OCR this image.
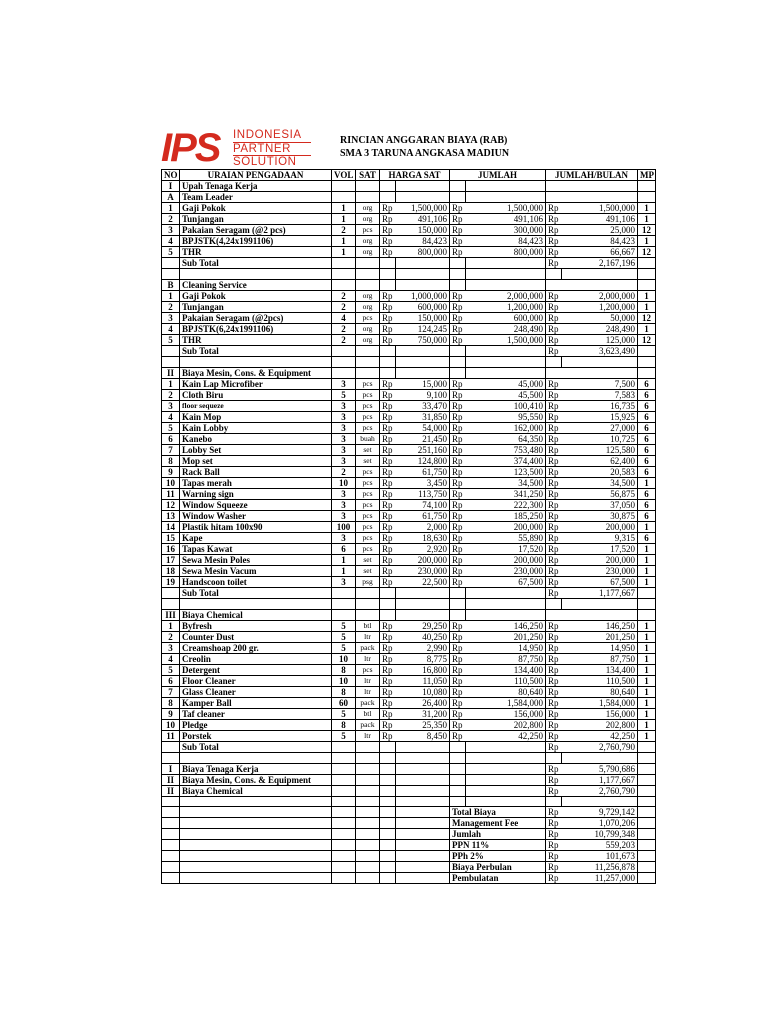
IPS INDONESIA
PARTNER
SOLUTION
RINCIAN ANGGARAN BIAYA (RAB)
SMA 3 TARUNA ANGKASA MADIUN
NO	URAIAN PENGADAAN	VOL	SAT	HARGA SAT		JUMLAH		JUMLAH/BULAN		MP
I	Upah Tenaga Kerja									
A	Team Leader									
1	Gaji Pokok	1	org	Rp	1,500,000	Rp	1,500,000	Rp	1,500,000	1
2	Tunjangan	1	org	Rp	491,106	Rp	491,106	Rp	491,106	1
3	Pakaian Seragam (@2 pcs)	2	pcs	Rp	150,000	Rp	300,000	Rp	25,000	12
4	BPJSTK(4,24x1991106)	1	org	Rp	84,423	Rp	84,423	Rp	84,423	1
5	THR	1	org	Rp	800,000	Rp	800,000	Rp	66,667	12
	Sub Total							Rp	2,167,196	

B	Cleaning Service									
1	Gaji Pokok	2	org	Rp	1,000,000	Rp	2,000,000	Rp	2,000,000	1
2	Tunjangan	2	org	Rp	600,000	Rp	1,200,000	Rp	1,200,000	1
3	Pakaian Seragam (@2pcs)	4	pcs	Rp	150,000	Rp	600,000	Rp	50,000	12
4	BPJSTK(6,24x1991106)	2	org	Rp	124,245	Rp	248,490	Rp	248,490	1
5	THR	2	org	Rp	750,000	Rp	1,500,000	Rp	125,000	12
	Sub Total							Rp	3,623,490	

II	Biaya Mesin, Cons. & Equipment									
1	Kain Lap Microfiber	3	pcs	Rp	15,000	Rp	45,000	Rp	7,500	6
2	Cloth Biru	5	pcs	Rp	9,100	Rp	45,500	Rp	7,583	6
3	floor sequeze	3	pcs	Rp	33,470	Rp	100,410	Rp	16,735	6
4	Kain Mop	3	pcs	Rp	31,850	Rp	95,550	Rp	15,925	6
5	Kain Lobby	3	pcs	Rp	54,000	Rp	162,000	Rp	27,000	6
6	Kanebo	3	buah	Rp	21,450	Rp	64,350	Rp	10,725	6
7	Lobby Set	3	set	Rp	251,160	Rp	753,480	Rp	125,580	6
8	Mop set	3	set	Rp	124,800	Rp	374,400	Rp	62,400	6
9	Rack Ball	2	pcs	Rp	61,750	Rp	123,500	Rp	20,583	6
10	Tapas merah	10	pcs	Rp	3,450	Rp	34,500	Rp	34,500	1
11	Warning sign	3	pcs	Rp	113,750	Rp	341,250	Rp	56,875	6
12	Window Squeeze	3	pcs	Rp	74,100	Rp	222,300	Rp	37,050	6
13	Window Washer	3	pcs	Rp	61,750	Rp	185,250	Rp	30,875	6
14	Plastik hitam 100x90	100	pcs	Rp	2,000	Rp	200,000	Rp	200,000	1
15	Kape	3	pcs	Rp	18,630	Rp	55,890	Rp	9,315	6
16	Tapas Kawat	6	pcs	Rp	2,920	Rp	17,520	Rp	17,520	1
17	Sewa Mesin Poles	1	set	Rp	200,000	Rp	200,000	Rp	200,000	1
18	Sewa Mesin Vacum	1	set	Rp	230,000	Rp	230,000	Rp	230,000	1
19	Handscoon toilet	3	psg	Rp	22,500	Rp	67,500	Rp	67,500	1
	Sub Total							Rp	1,177,667	

III	Biaya Chemical									
1	Byfresh	5	btl	Rp	29,250	Rp	146,250	Rp	146,250	1
2	Counter Dust	5	ltr	Rp	40,250	Rp	201,250	Rp	201,250	1
3	Creamshoap 200 gr.	5	pack	Rp	2,990	Rp	14,950	Rp	14,950	1
4	Creolin	10	ltr	Rp	8,775	Rp	87,750	Rp	87,750	1
5	Detergent	8	pcs	Rp	16,800	Rp	134,400	Rp	134,400	1
6	Floor Cleaner	10	ltr	Rp	11,050	Rp	110,500	Rp	110,500	1
7	Glass Cleaner	8	ltr	Rp	10,080	Rp	80,640	Rp	80,640	1
8	Kamper Ball	60	pack	Rp	26,400	Rp	1,584,000	Rp	1,584,000	1
9	Taf cleaner	5	btl	Rp	31,200	Rp	156,000	Rp	156,000	1
10	Pledge	8	pack	Rp	25,350	Rp	202,800	Rp	202,800	1
11	Porstek	5	ltr	Rp	8,450	Rp	42,250	Rp	42,250	1
	Sub Total							Rp	2,760,790	

I	Biaya Tenaga Kerja							Rp	5,790,686	
II	Biaya Mesin, Cons. & Equipment							Rp	1,177,667	
II	Biaya Chemical							Rp	2,760,790	

						Total Biaya		Rp	9,729,142	
						Management Fee		Rp	1,070,206	
						Jumlah		Rp	10,799,348	
						PPN 11%		Rp	559,203	
						PPh 2%		Rp	101,673	
						Biaya Perbulan		Rp	11,256,878	
						Pembulatan		Rp	11,257,000	
